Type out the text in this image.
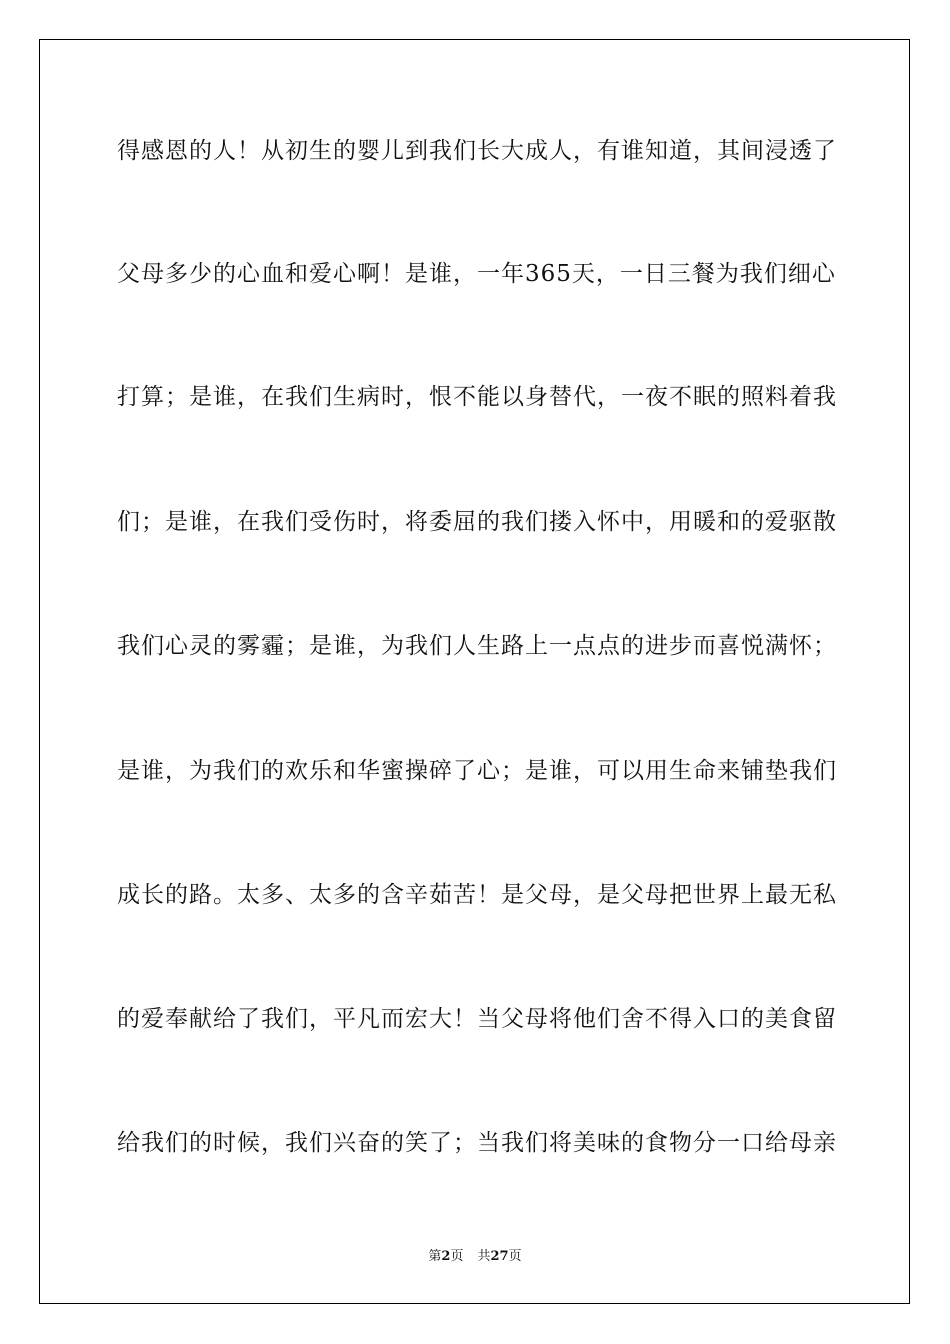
得感恩的人！从初生的婴儿到我们长大成人，有谁知道，其间浸透了
父母多少的心血和爱心啊！是谁，一年365天，一日三餐为我们细心
打算；是谁，在我们生病时，恨不能以身替代，一夜不眠的照料着我
们；是谁，在我们受伤时，将委屈的我们搂入怀中，用暖和的爱驱散
我们心灵的雾霾；是谁，为我们人生路上一点点的进步而喜悦满怀；
是谁，为我们的欢乐和华蜜操碎了心；是谁，可以用生命来铺垫我们
成长的路。太多、太多的含辛茹苦！是父母，是父母把世界上最无私
的爱奉献给了我们，平凡而宏大！当父母将他们舍不得入口的美食留
给我们的时候，我们兴奋的笑了；当我们将美味的食物分一口给母亲
第2页 共27页
